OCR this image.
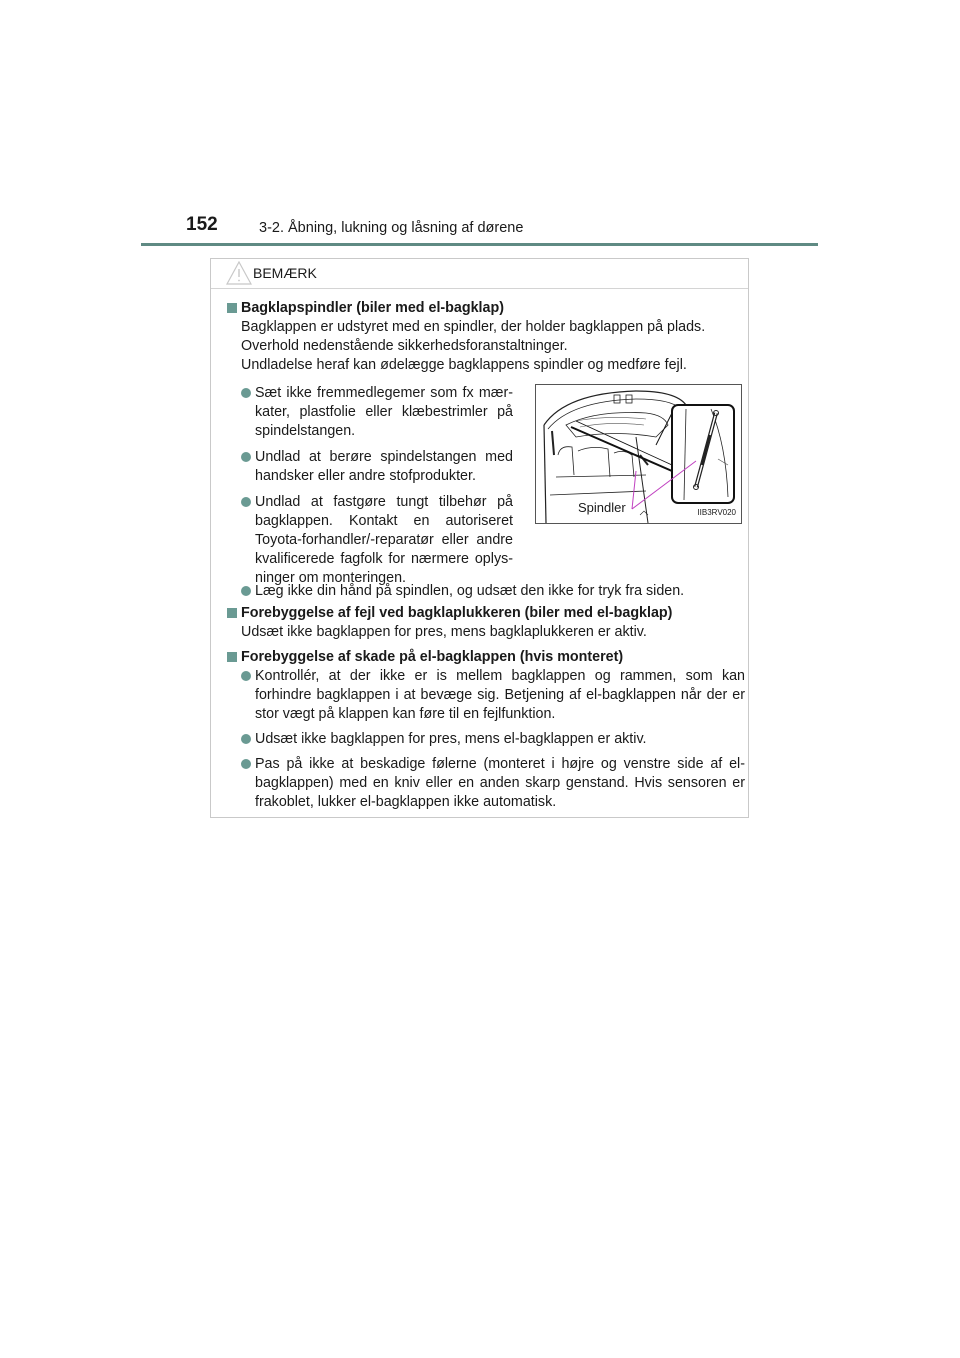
152	3-2. Åbning, lukning og låsning af dørene
BEMÆRK
Bagklapspindler (biler med el-bagklap)
Bagklappen er udstyret med en spindler, der holder bagklappen på plads.
Overhold nedenstående sikkerhedsforanstaltninger.
Undladelse heraf kan ødelægge bagklappens spindler og medføre fejl.
Sæt ikke fremmedlegemer som fx mær-kater, plastfolie eller klæbestrimler på spindelstangen.
Undlad at berøre spindelstangen med handsker eller andre stofprodukter.
Undlad at fastgøre tungt tilbehør på bagklappen. Kontakt en autoriseret Toyota-forhandler/-reparatør eller andre kvalificerede fagfolk for nærmere oplys-ninger om monteringen.
Spindler	IIB3RV020
Læg ikke din hånd på spindlen, og udsæt den ikke for tryk fra siden.
Forebyggelse af fejl ved bagklaplukkeren (biler med el-bagklap)
Udsæt ikke bagklappen for pres, mens bagklaplukkeren er aktiv.
Forebyggelse af skade på el-bagklappen (hvis monteret)
Kontrollér, at der ikke er is mellem bagklappen og rammen, som kan forhindre bagklappen i at bevæge sig. Betjening af el-bagklappen når der er stor vægt på klappen kan føre til en fejlfunktion.
Udsæt ikke bagklappen for pres, mens el-bagklappen er aktiv.
Pas på ikke at beskadige følerne (monteret i højre og venstre side af el-bagklappen) med en kniv eller en anden skarp genstand. Hvis sensoren er frakoblet, lukker el-bagklappen ikke automatisk.
